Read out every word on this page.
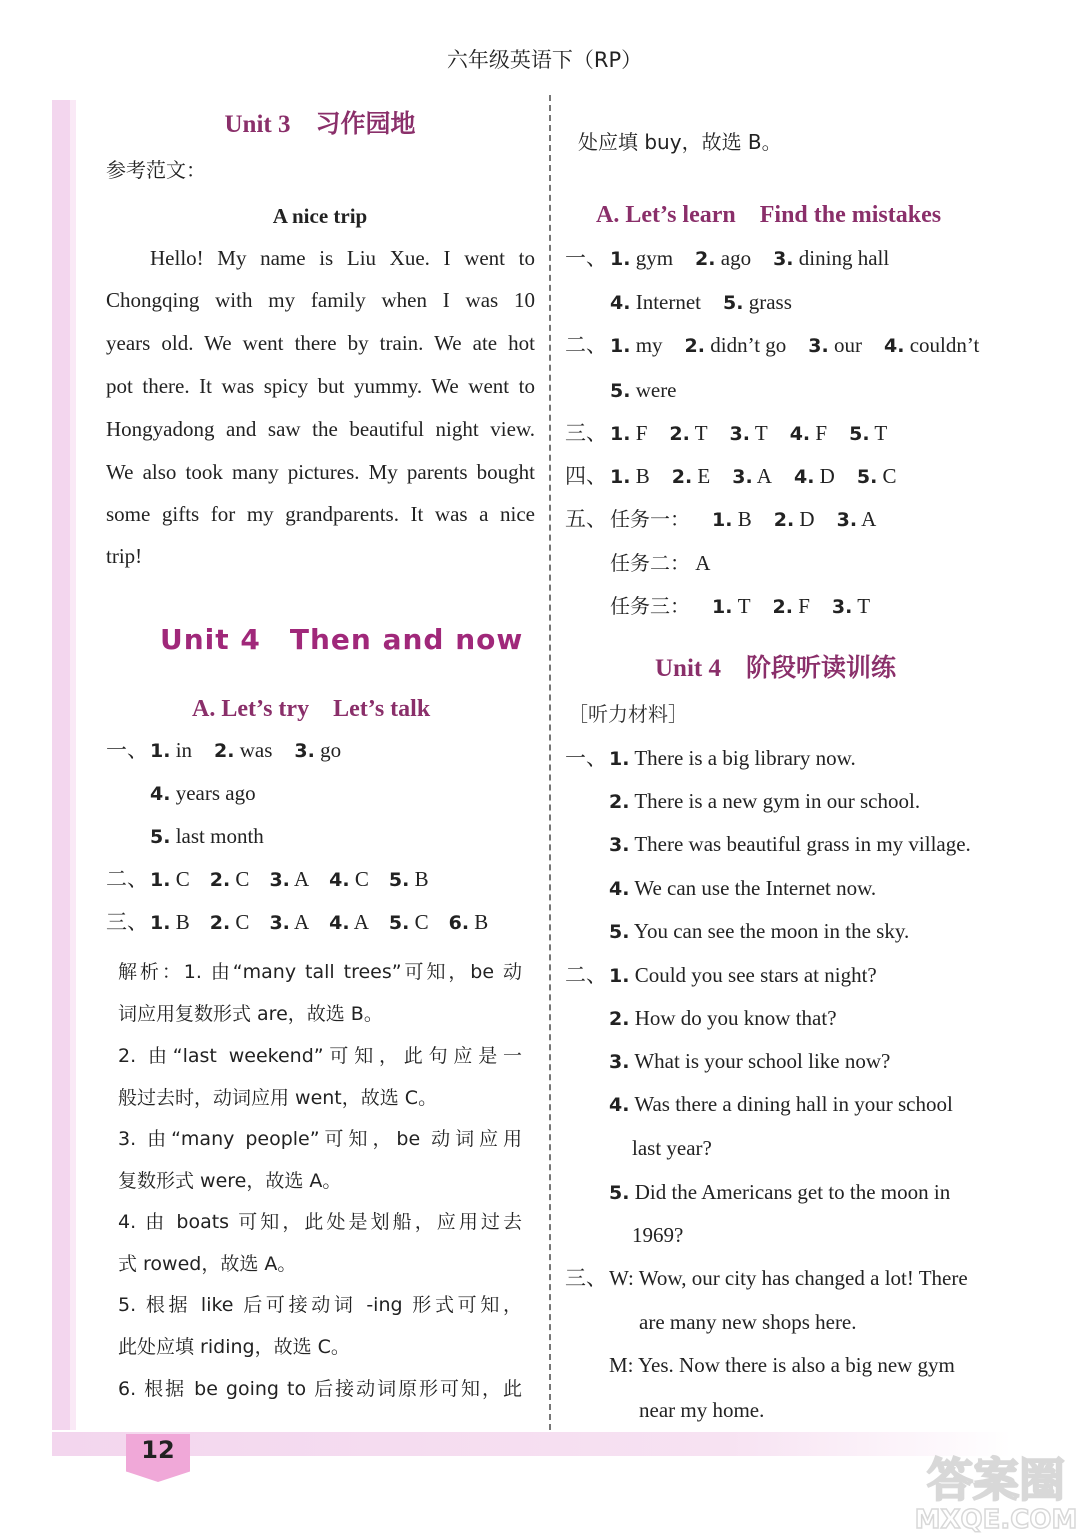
12
六年级英语下（RP）
Unit 3　习作园地
参考范文：
A nice trip
Hello! My name is Liu Xue. I went to
Chongqing with my family when I was 10
years old. We went there by train. We ate hot
pot there. It was spicy but yummy. We went to
Hongyadong and saw the beautiful night view.
We also took many pictures. My parents bought
some gifts for my grandparents. It was a nice
trip!
Unit 4　Then and now
A. Let’s try　Let’s talk
一、 1. in 2. was 3. go
4. years ago
5. last month
二、 1. C 2. C 3. A 4. C 5. B
三、 1. B 2. C 3. A 4. A 5. C 6. B
解析：1. 由“many tall trees”可知，be 动
词应用复数形式 are，故选 B。
2. 由“last weekend”可知，此句应是一
般过去时，动词应用 went，故选 C。
3. 由“many people”可知，be 动词应用
复数形式 were，故选 A。
4. 由 boats 可知，此处是划船，应用过去
式 rowed，故选 A。
5. 根据 like 后可接动词 -ing 形式可知，
此处应填 riding，故选 C。
6. 根据 be going to 后接动词原形可知，此
处应填 buy，故选 B。
A. Let’s learn　Find the mistakes
一、 1. gym 2. ago 3. dining hall
4. Internet 5. grass
二、 1. my 2. didn’t go 3. our 4. couldn’t
5. were
三、 1. F 2. T 3. T 4. F 5. T
四、 1. B 2. E 3. A 4. D 5. C
五、 任务一： 1. B 2. D 3. A
任务二： A
任务三： 1. T 2. F 3. T
Unit 4　阶段听读训练
［听力材料］
一、 1. There is a big library now.
2. There is a new gym in our school.
3. There was beautiful grass in my village.
4. We can use the Internet now.
5. You can see the moon in the sky.
二、 1. Could you see stars at night?
2. How do you know that?
3. What is your school like now?
4. Was there a dining hall in your school
last year?
5. Did the Americans get to the moon in
1969?
三、W: Wow, our city has changed a lot! There
are many new shops here.
M: Yes. Now there is also a big new gym
near my home.
答案圈
MXQE.COM
